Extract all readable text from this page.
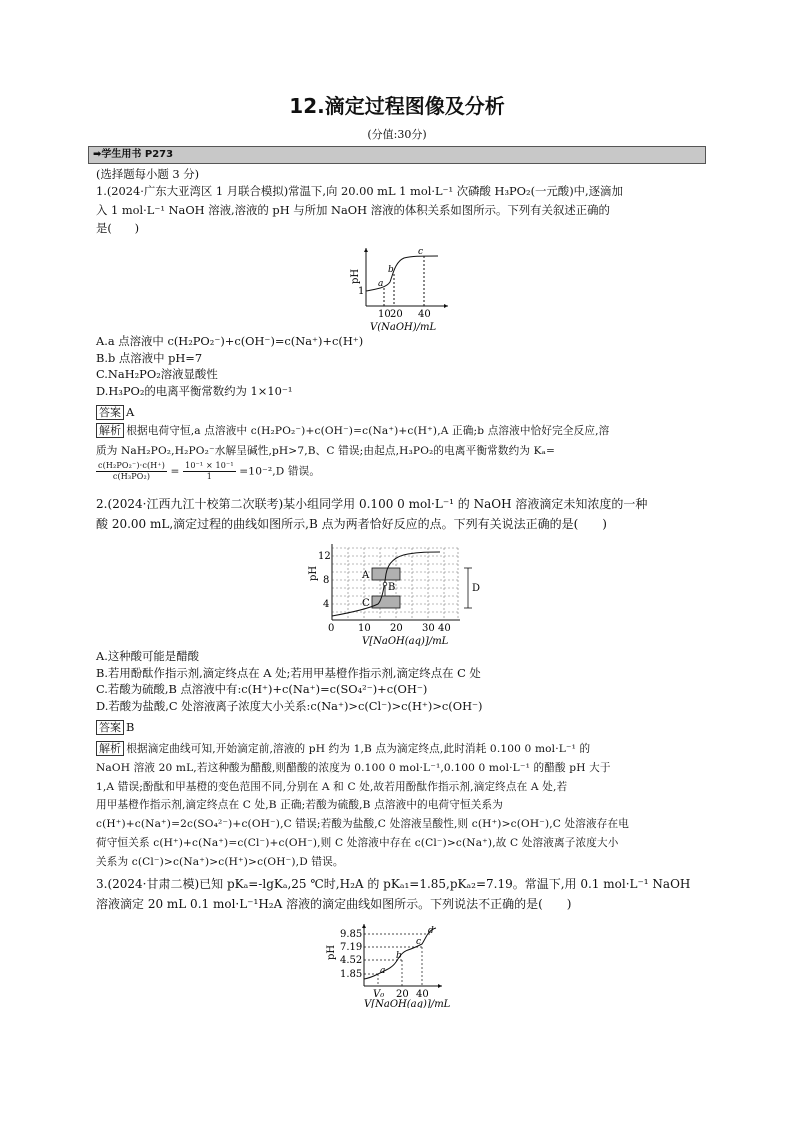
12.滴定过程图像及分析
(分值:30分)
➡学生用书 P273
(选择题每小题 3 分)
1.(2024·广东大亚湾区 1 月联合模拟)常温下,向 20.00 mL 1 mol·L⁻¹ 次磷酸 H₃PO₂(一元酸)中,逐滴加
入 1 mol·L⁻¹ NaOH 溶液,溶液的 pH 与所加 NaOH 溶液的体积关系如图所示。下列有关叙述正确的
是(　　)
pH
1
a
b
c
10 20 40
V(NaOH)/mL
A.a 点溶液中 c(H₂PO₂⁻)+c(OH⁻)=c(Na⁺)+c(H⁺)
B.b 点溶液中 pH=7
C.NaH₂PO₂溶液显酸性
D.H₃PO₂的电离平衡常数约为 1×10⁻¹
答案 A
解析 根据电荷守恒,a 点溶液中 c(H₂PO₂⁻)+c(OH⁻)=c(Na⁺)+c(H⁺),A 正确;b 点溶液中恰好完全反应,溶
质为 NaH₂PO₂,H₂PO₂⁻水解呈碱性,pH>7,B、C 错误;由起点,H₃PO₂的电离平衡常数约为 Kₐ=
$\frac{\text{c(H₂PO₂⁻)·c(H⁺)}}{\text{c(H₃PO₂)}} = \frac{\text{10⁻¹ × 10⁻¹}}{1} =10^{-2},D$ 错误。
2.(2024·江西九江十校第二次联考)某小组同学用 0.100 0 mol·L⁻¹ 的 NaOH 溶液滴定未知浓度的一种
酸 20.00 mL,滴定过程的曲线如图所示,B 点为两者恰好反应的点。下列有关说法正确的是(　　)
pH
12
8
4
A
B
C
D
0 10 20 30 40
V[NaOH(aq)]/mL
A.这种酸可能是醋酸
B.若用酚酞作指示剂,滴定终点在 A 处;若用甲基橙作指示剂,滴定终点在 C 处
C.若酸为硫酸,B 点溶液中有:c(H⁺)+c(Na⁺)=c(SO₄²⁻)+c(OH⁻)
D.若酸为盐酸,C 处溶液离子浓度大小关系:c(Na⁺)>c(Cl⁻)>c(H⁺)>c(OH⁻)
答案 B
解析 根据滴定曲线可知,开始滴定前,溶液的 pH 约为 1,B 点为滴定终点,此时消耗 0.100 0 mol·L⁻¹ 的
NaOH 溶液 20 mL,若这种酸为醋酸,则醋酸的浓度为 0.100 0 mol·L⁻¹,0.100 0 mol·L⁻¹ 的醋酸 pH 大于
1,A 错误;酚酞和甲基橙的变色范围不同,分别在 A 和 C 处,故若用酚酞作指示剂,滴定终点在 A 处,若
用甲基橙作指示剂,滴定终点在 C 处,B 正确;若酸为硫酸,B 点溶液中的电荷守恒关系为
c(H⁺)+c(Na⁺)=2c(SO₄²⁻)+c(OH⁻),C 错误;若酸为盐酸,C 处溶液呈酸性,则 c(H⁺)>c(OH⁻),C 处溶液存在电
荷守恒关系 c(H⁺)+c(Na⁺)=c(Cl⁻)+c(OH⁻),则 C 处溶液中存在 c(Cl⁻)>c(Na⁺),故 C 处溶液离子浓度大小
关系为 c(Cl⁻)>c(Na⁺)>c(H⁺)>c(OH⁻),D 错误。
3.(2024·甘肃二模)已知 pKₐ=-lgKₐ,25 ℃时,H₂A 的 pKₐ₁=1.85,pKₐ₂=7.19。常温下,用 0.1 mol·L⁻¹ NaOH
溶液滴定 20 mL 0.1 mol·L⁻¹H₂A 溶液的滴定曲线如图所示。下列说法不正确的是(　　)
pH
9.85
7.19
4.52
1.85 a
b
c
d
V₀ 20 40
V[NaOH(aq)]/mL
